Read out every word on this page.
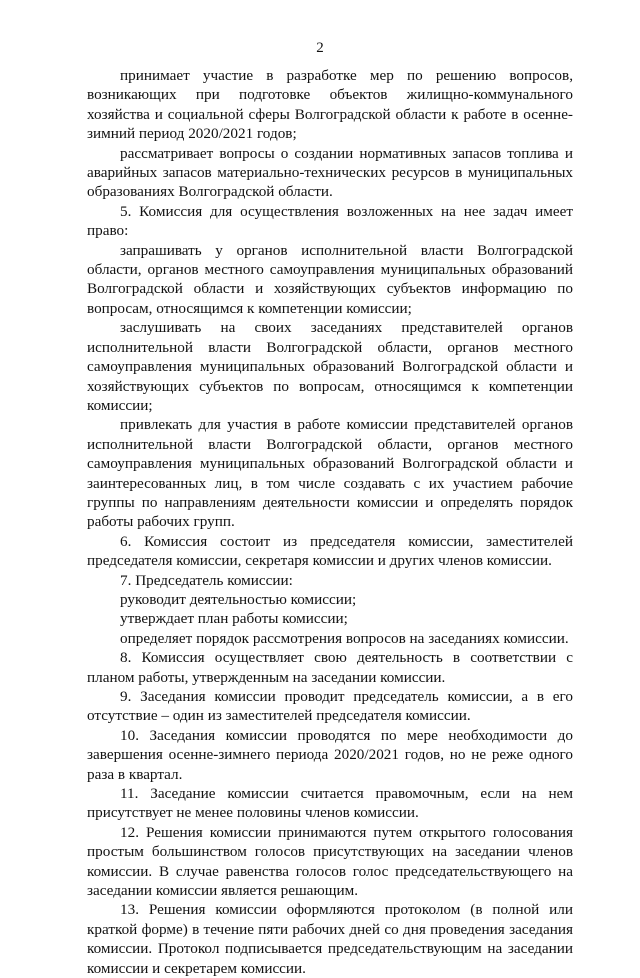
2

принимает участие в разработке мер по решению вопросов, возникающих при подготовке объектов жилищно-коммунального хозяйства и социальной сферы Волгоградской области к работе в осенне-зимний период 2020/2021 годов;

рассматривает вопросы о создании нормативных запасов топлива и аварийных запасов материально-технических ресурсов в муниципальных образованиях Волгоградской области.

5. Комиссия для осуществления возложенных на нее задач имеет право:

запрашивать у органов исполнительной власти Волгоградской области, органов местного самоуправления муниципальных образований Волгоградской области и хозяйствующих субъектов информацию по вопросам, относящимся к компетенции комиссии;

заслушивать на своих заседаниях представителей органов исполнительной власти Волгоградской области, органов местного самоуправления муниципальных образований Волгоградской области и хозяйствующих субъектов по вопросам, относящимся к компетенции комиссии;

привлекать для участия в работе комиссии представителей органов исполнительной власти Волгоградской области, органов местного самоуправления муниципальных образований Волгоградской области и заинтересованных лиц, в том числе создавать с их участием рабочие группы по направлениям деятельности комиссии и определять порядок работы рабочих групп.

6. Комиссия состоит из председателя комиссии, заместителей председателя комиссии, секретаря комиссии и других членов комиссии.

7. Председатель комиссии:

руководит деятельностью комиссии;

утверждает план работы комиссии;

определяет порядок рассмотрения вопросов на заседаниях комиссии.

8. Комиссия осуществляет свою деятельность в соответствии с планом работы, утвержденным на заседании комиссии.

9. Заседания комиссии проводит председатель комиссии, а в его отсутствие – один из заместителей председателя комиссии.

10. Заседания комиссии проводятся по мере необходимости до завершения осенне-зимнего периода 2020/2021 годов, но не реже одного раза в квартал.

11. Заседание комиссии считается правомочным, если на нем присутствует не менее половины членов комиссии.

12. Решения комиссии принимаются путем открытого голосования простым большинством голосов присутствующих на заседании членов комиссии. В случае равенства голосов голос председательствующего на заседании комиссии является решающим.

13. Решения комиссии оформляются протоколом (в полной или краткой форме) в течение пяти рабочих дней со дня проведения заседания комиссии. Протокол подписывается председательствующим на заседании комиссии и секретарем комиссии.
